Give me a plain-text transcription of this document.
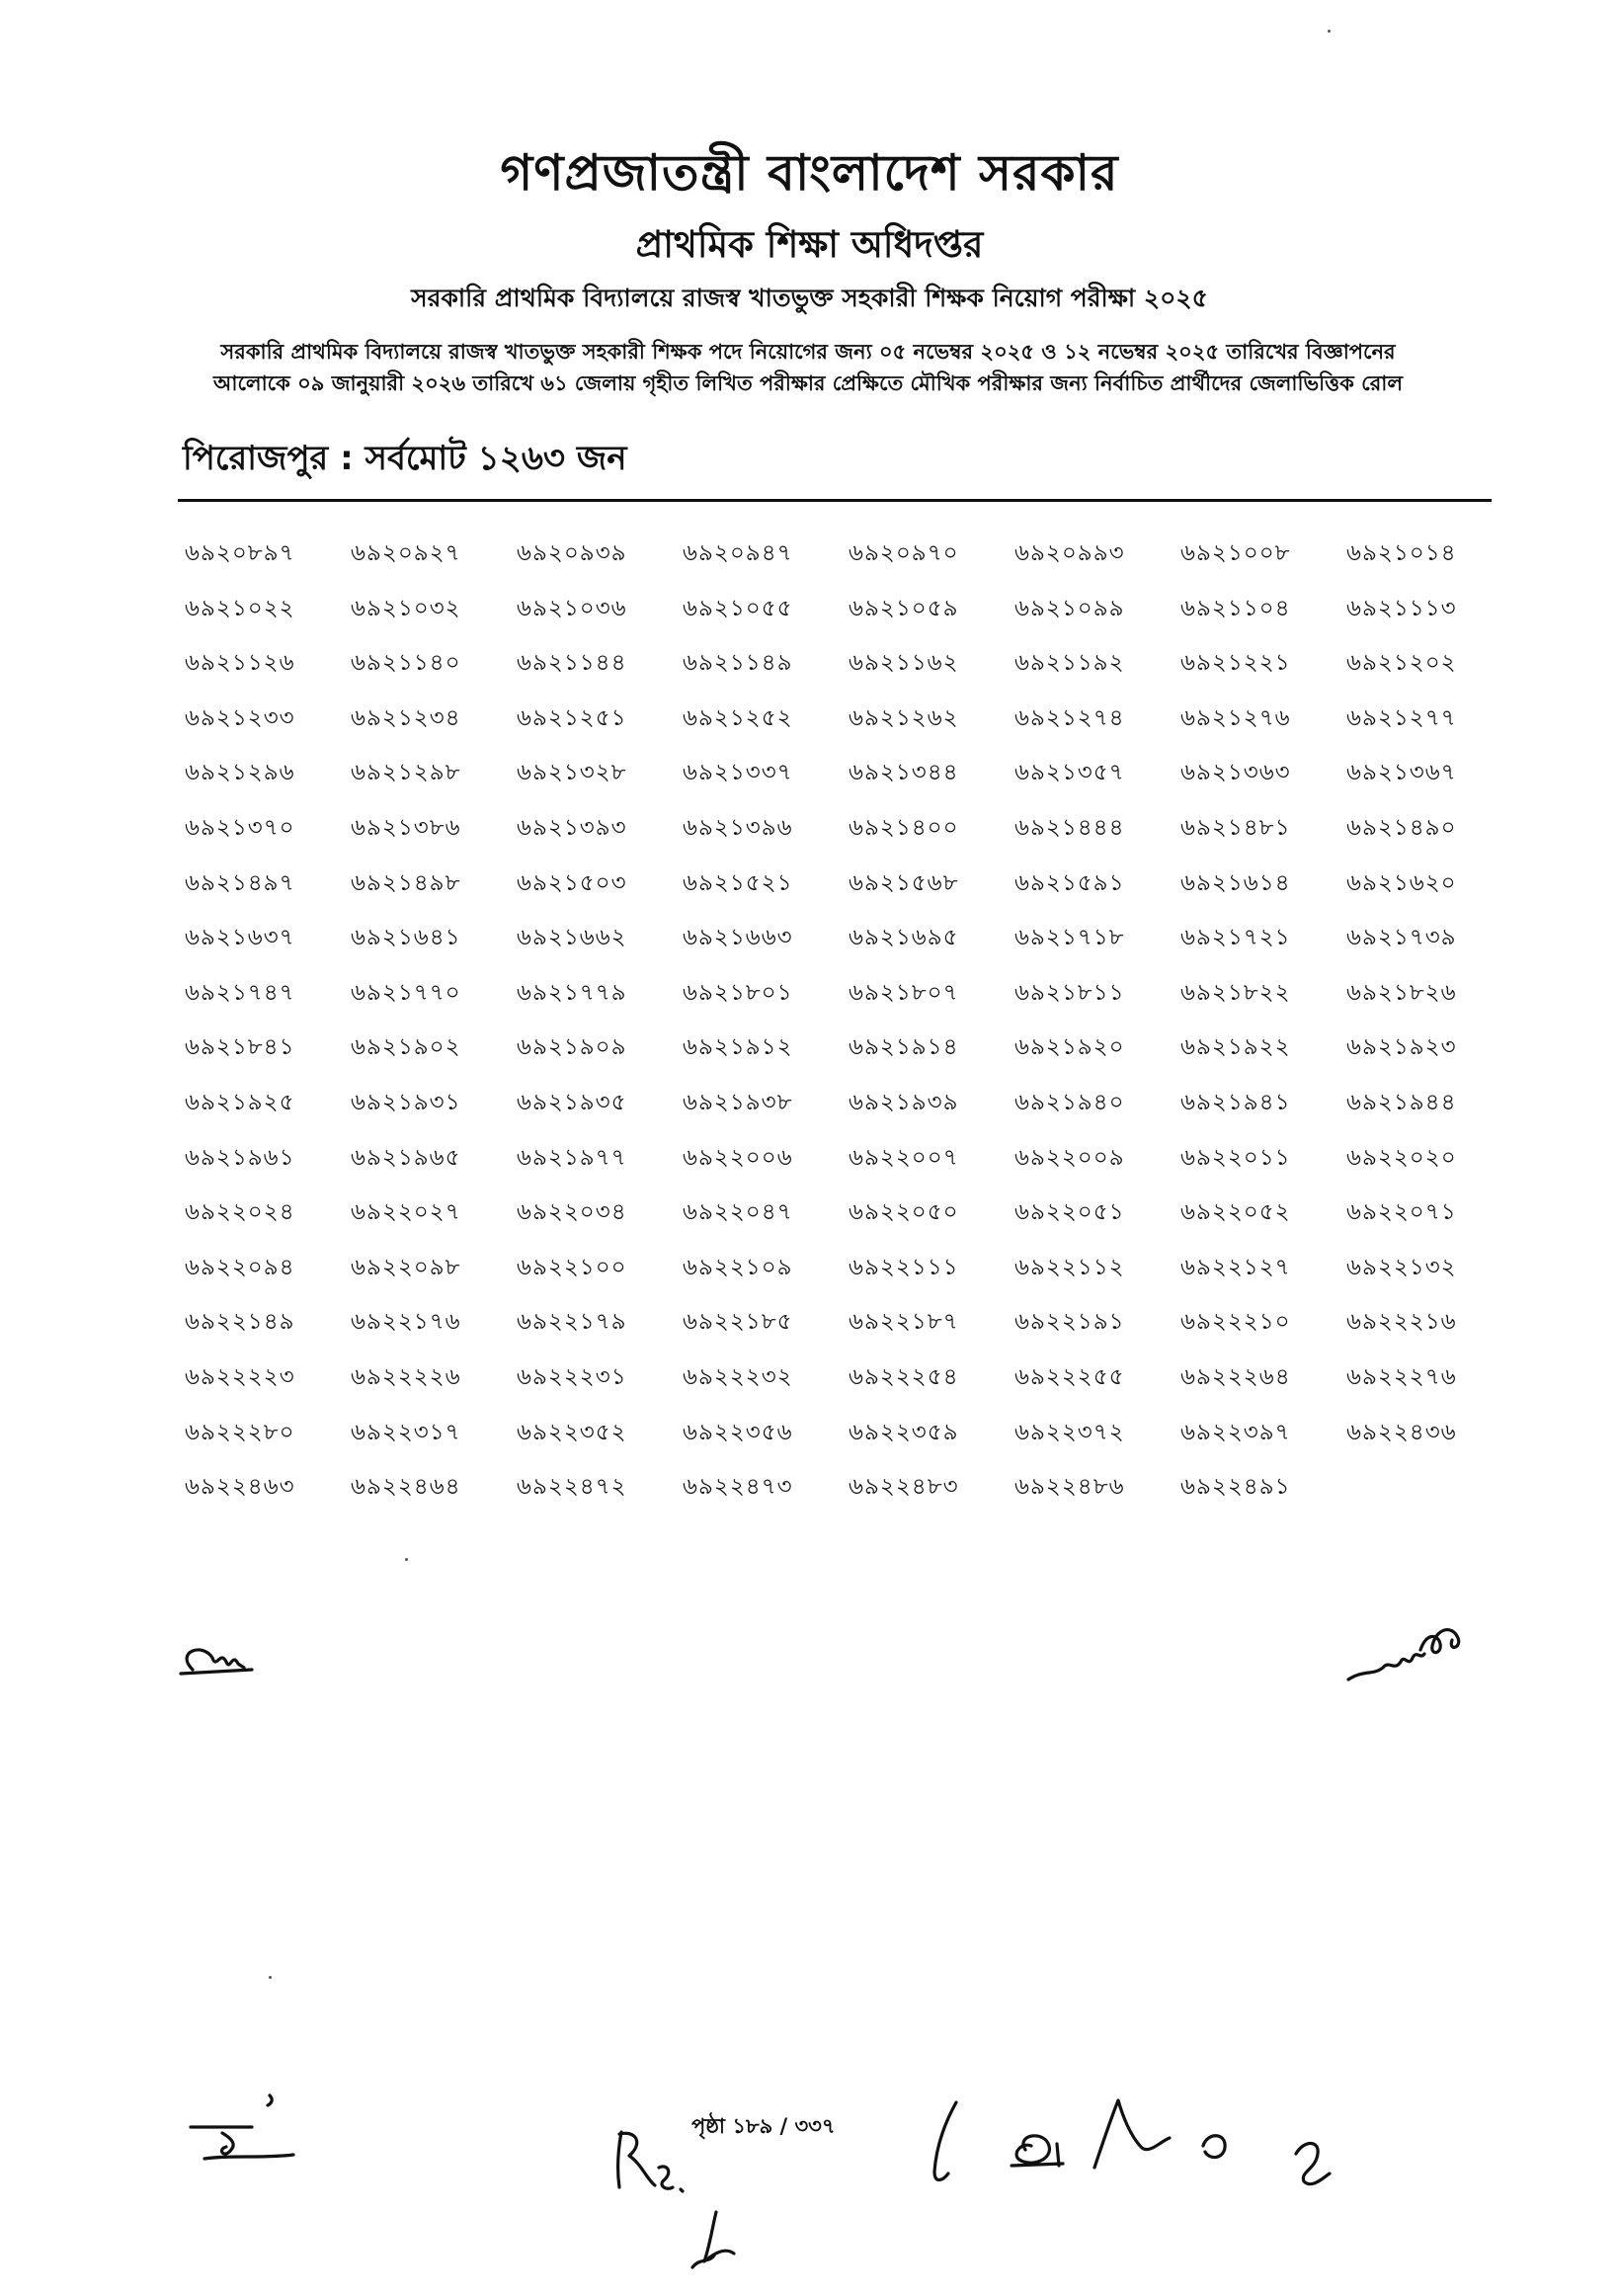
গণপ্রজাতন্ত্রী বাংলাদেশ সরকার
প্রাথমিক শিক্ষা অধিদপ্তর
সরকারি প্রাথমিক বিদ্যালয়ে রাজস্ব খাতভুক্ত সহকারী শিক্ষক নিয়োগ পরীক্ষা ২০২৫
সরকারি প্রাথমিক বিদ্যালয়ে রাজস্ব খাতভুক্ত সহকারী শিক্ষক পদে নিয়োগের জন্য ০৫ নভেম্বর ২০২৫ ও ১২ নভেম্বর ২০২৫ তারিখের বিজ্ঞাপনের
আলোকে ০৯ জানুয়ারী ২০২৬ তারিখে ৬১ জেলায় গৃহীত লিখিত পরীক্ষার প্রেক্ষিতে মৌখিক পরীক্ষার জন্য নির্বাচিত প্রার্থীদের জেলাভিত্তিক রোল
পিরোজপুর : সর্বমোট ১২৬৩ জন
৬৯২০৮৯৭	৬৯২০৯২৭	৬৯২০৯৩৯	৬৯২০৯৪৭	৬৯২০৯৭০	৬৯২০৯৯৩	৬৯২১০০৮	৬৯২১০১৪
৬৯২১০২২	৬৯২১০৩২	৬৯২১০৩৬	৬৯২১০৫৫	৬৯২১০৫৯	৬৯২১০৯৯	৬৯২১১০৪	৬৯২১১১৩
৬৯২১১২৬	৬৯২১১৪০	৬৯২১১৪৪	৬৯২১১৪৯	৬৯২১১৬২	৬৯২১১৯২	৬৯২১২২১	৬৯২১২০২
৬৯২১২৩৩	৬৯২১২৩৪	৬৯২১২৫১	৬৯২১২৫২	৬৯২১২৬২	৬৯২১২৭৪	৬৯২১২৭৬	৬৯২১২৭৭
৬৯২১২৯৬	৬৯২১২৯৮	৬৯২১৩২৮	৬৯২১৩৩৭	৬৯২১৩৪৪	৬৯২১৩৫৭	৬৯২১৩৬৩	৬৯২১৩৬৭
৬৯২১৩৭০	৬৯২১৩৮৬	৬৯২১৩৯৩	৬৯২১৩৯৬	৬৯২১৪০০	৬৯২১৪৪৪	৬৯২১৪৮১	৬৯২১৪৯০
৬৯২১৪৯৭	৬৯২১৪৯৮	৬৯২১৫০৩	৬৯২১৫২১	৬৯২১৫৬৮	৬৯২১৫৯১	৬৯২১৬১৪	৬৯২১৬২০
৬৯২১৬৩৭	৬৯২১৬৪১	৬৯২১৬৬২	৬৯২১৬৬৩	৬৯২১৬৯৫	৬৯২১৭১৮	৬৯২১৭২১	৬৯২১৭৩৯
৬৯২১৭৪৭	৬৯২১৭৭০	৬৯২১৭৭৯	৬৯২১৮০১	৬৯২১৮০৭	৬৯২১৮১১	৬৯২১৮২২	৬৯২১৮২৬
৬৯২১৮৪১	৬৯২১৯০২	৬৯২১৯০৯	৬৯২১৯১২	৬৯২১৯১৪	৬৯২১৯২০	৬৯২১৯২২	৬৯২১৯২৩
৬৯২১৯২৫	৬৯২১৯৩১	৬৯২১৯৩৫	৬৯২১৯৩৮	৬৯২১৯৩৯	৬৯২১৯৪০	৬৯২১৯৪১	৬৯২১৯৪৪
৬৯২১৯৬১	৬৯২১৯৬৫	৬৯২১৯৭৭	৬৯২২০০৬	৬৯২২০০৭	৬৯২২০০৯	৬৯২২০১১	৬৯২২০২০
৬৯২২০২৪	৬৯২২০২৭	৬৯২২০৩৪	৬৯২২০৪৭	৬৯২২০৫০	৬৯২২০৫১	৬৯২২০৫২	৬৯২২০৭১
৬৯২২০৯৪	৬৯২২০৯৮	৬৯২২১০০	৬৯২২১০৯	৬৯২২১১১	৬৯২২১১২	৬৯২২১২৭	৬৯২২১৩২
৬৯২২১৪৯	৬৯২২১৭৬	৬৯২২১৭৯	৬৯২২১৮৫	৬৯২২১৮৭	৬৯২২১৯১	৬৯২২২১০	৬৯২২২১৬
৬৯২২২২৩	৬৯২২২২৬	৬৯২২২৩১	৬৯২২২৩২	৬৯২২২৫৪	৬৯২২২৫৫	৬৯২২২৬৪	৬৯২২২৭৬
৬৯২২২৮০	৬৯২২৩১৭	৬৯২২৩৫২	৬৯২২৩৫৬	৬৯২২৩৫৯	৬৯২২৩৭২	৬৯২২৩৯৭	৬৯২২৪৩৬
৬৯২২৪৬৩	৬৯২২৪৬৪	৬৯২২৪৭২	৬৯২২৪৭৩	৬৯২২৪৮৩	৬৯২২৪৮৬	৬৯২২৪৯১
পৃষ্ঠা ১৮৯ / ৩৩৭
